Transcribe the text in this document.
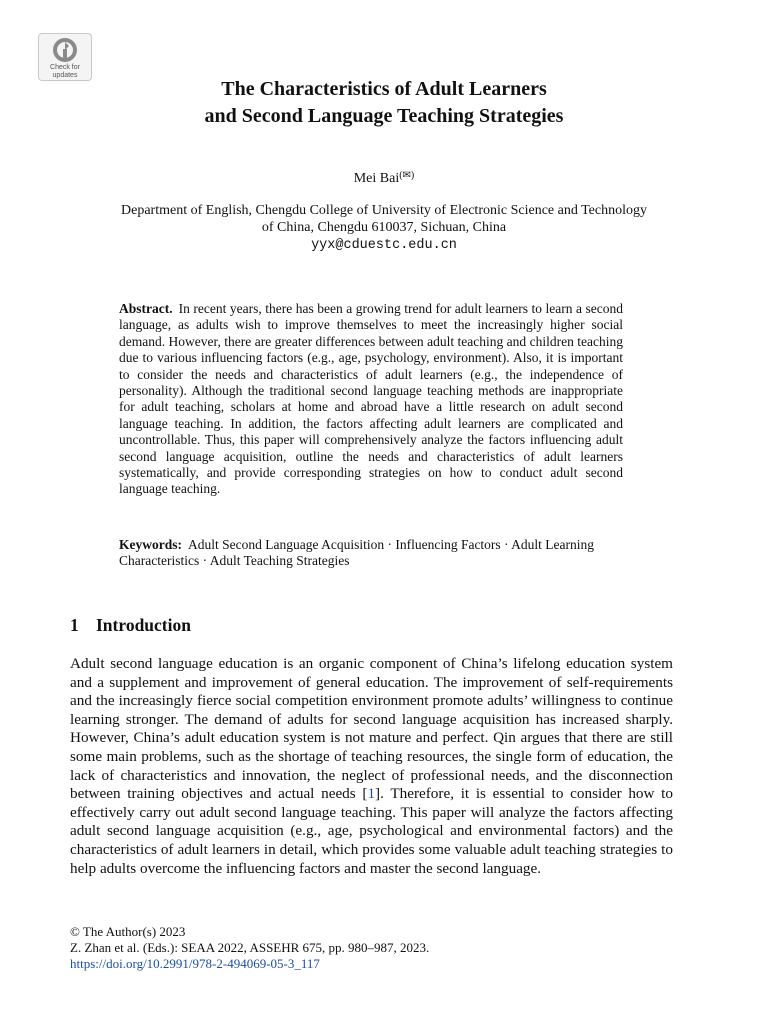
Check for
updates
The Characteristics of Adult Learners
and Second Language Teaching Strategies
Mei Bai(✉)
Department of English, Chengdu College of University of Electronic Science and Technology
of China, Chengdu 610037, Sichuan, China
yyx@cduestc.edu.cn
Abstract. In recent years, there has been a growing trend for adult learners to learn a second language, as adults wish to improve themselves to meet the increasingly higher social demand. However, there are greater differences between adult teaching and children teaching due to various influencing factors (e.g., age, psychology, environment). Also, it is important to consider the needs and characteristics of adult learners (e.g., the independence of personality). Although the traditional second language teaching methods are inappropriate for adult teaching, scholars at home and abroad have a little research on adult second language teaching. In addition, the factors affecting adult learners are complicated and uncontrollable. Thus, this paper will comprehensively analyze the factors influencing adult second language acquisition, outline the needs and characteristics of adult learners systematically, and provide corresponding strategies on how to conduct adult second language teaching.
Keywords: Adult Second Language Acquisition · Influencing Factors · Adult Learning Characteristics · Adult Teaching Strategies
1 Introduction
Adult second language education is an organic component of China’s lifelong education system and a supplement and improvement of general education. The improvement of self-requirements and the increasingly fierce social competition environment promote adults’ willingness to continue learning stronger. The demand of adults for second language acquisition has increased sharply. However, China’s adult education system is not mature and perfect. Qin argues that there are still some main problems, such as the shortage of teaching resources, the single form of education, the lack of characteristics and innovation, the neglect of professional needs, and the disconnection between training objectives and actual needs [1]. Therefore, it is essential to consider how to effectively carry out adult second language teaching. This paper will analyze the factors affecting adult second language acquisition (e.g., age, psychological and environmental factors) and the characteristics of adult learners in detail, which provides some valuable adult teaching strategies to help adults overcome the influencing factors and master the second language.
© The Author(s) 2023
Z. Zhan et al. (Eds.): SEAA 2022, ASSEHR 675, pp. 980–987, 2023.
https://doi.org/10.2991/978-2-494069-05-3_117
